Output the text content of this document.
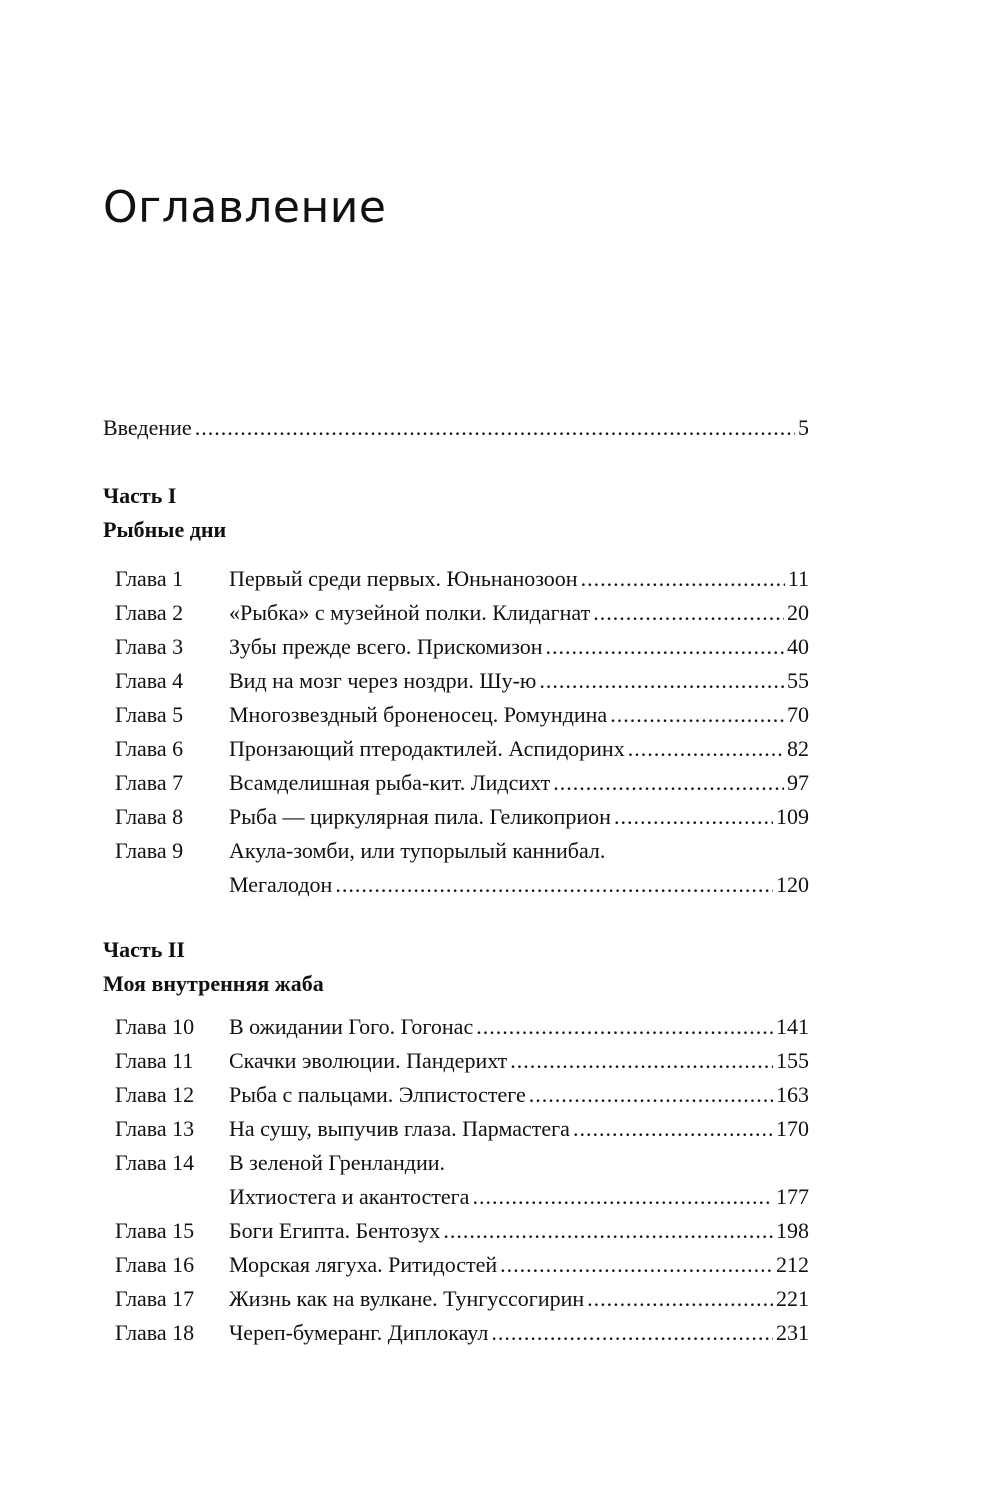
Оглавление
Введение .....	5
Часть I
Рыбные дни
Глава 1	Первый среди первых. Юньнанозоон .....	11
Глава 2	«Рыбка» с музейной полки. Клидагнат .....	20
Глава 3	Зубы прежде всего. Прискомизон .....	40
Глава 4	Вид на мозг через ноздри. Шу-ю .....	55
Глава 5	Многозвездный броненосец. Ромундина .....	70
Глава 6	Пронзающий птеродактилей. Аспидоринх .....	82
Глава 7	Всамделишная рыба-кит. Лидсихт .....	97
Глава 8	Рыба — циркулярная пила. Геликоприон .....	109
Глава 9	Акула-зомби, или тупорылый каннибал.
Мегалодон .....	120
Часть II
Моя внутренняя жаба
Глава 10	В ожидании Гого. Гогонас .....	141
Глава 11	Скачки эволюции. Пандерихт .....	155
Глава 12	Рыба с пальцами. Элпистостеге .....	163
Глава 13	На сушу, выпучив глаза. Пармастега .....	170
Глава 14	В зеленой Гренландии.
Ихтиостега и акантостега .....	177
Глава 15	Боги Египта. Бентозух .....	198
Глава 16	Морская лягуха. Ритидостей .....	212
Глава 17	Жизнь как на вулкане. Тунгуссогирин .....	221
Глава 18	Череп-бумеранг. Диплокаул .....	231
